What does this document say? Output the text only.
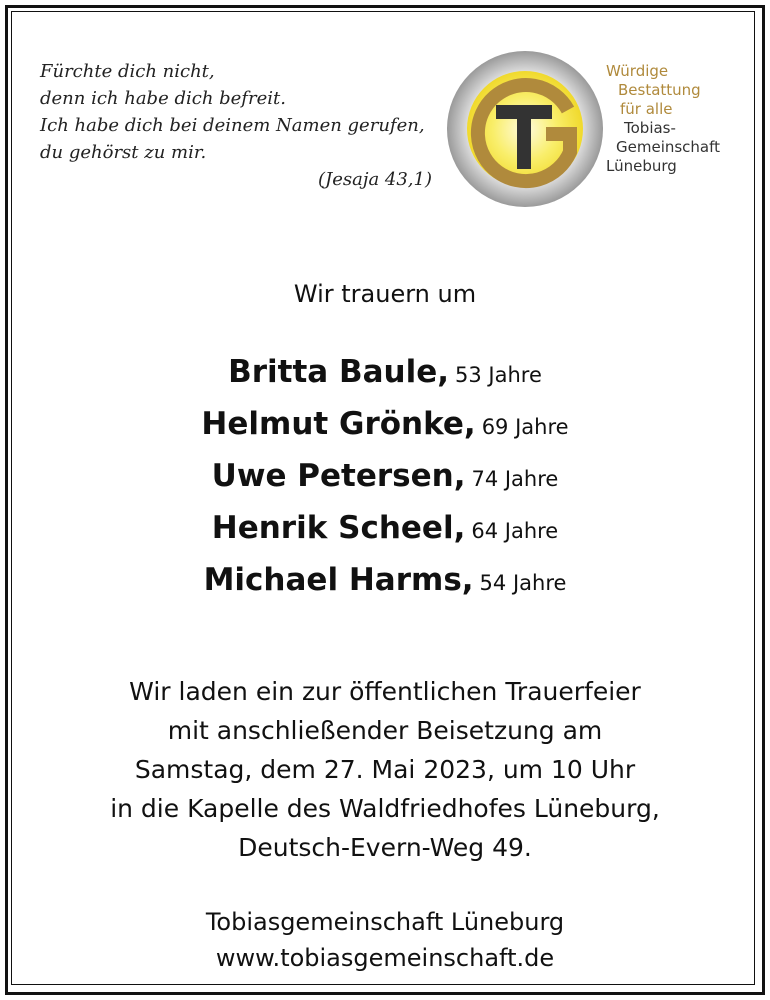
Fürchte dich nicht,
denn ich habe dich befreit.
Ich habe dich bei deinem Namen gerufen,
du gehörst zu mir.
(Jesaja 43,1)
Würdige
Bestattung
für alle
Tobias-
Gemeinschaft
Lüneburg
Wir trauern um
Britta Baule, 53 Jahre
Helmut Grönke, 69 Jahre
Uwe Petersen, 74 Jahre
Henrik Scheel, 64 Jahre
Michael Harms, 54 Jahre
Wir laden ein zur öffentlichen Trauerfeier
mit anschließender Beisetzung am
Samstag, dem 27. Mai 2023, um 10 Uhr
in die Kapelle des Waldfriedhofes Lüneburg,
Deutsch-Evern-Weg 49.
Tobiasgemeinschaft Lüneburg
www.tobiasgemeinschaft.de
